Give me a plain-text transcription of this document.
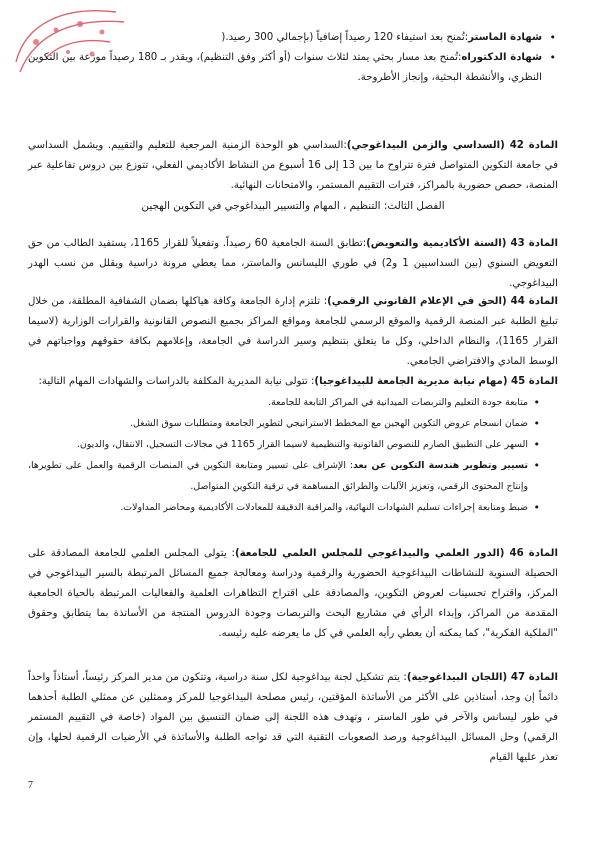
• شهادة الماستر:تُمنح بعد استيفاء 120 رصيداً إضافياً (بإجمالي 300 رصيد.(

• شهادة الدكتوراه:تُمنح بعد مسار بحثي يمتد لثلاث سنوات (أو أكثر وفق التنظيم)، ويقدر بـ 180 رصيداً موزعة بين التكوين النظري، والأنشطة البحثية، وإنجاز الأطروحة.

المادة 42 (السداسي والزمن البيداغوجي):السداسي هو الوحدة الزمنية المرجعية للتعليم والتقييم. ويشمل السداسي في جامعة التكوين المتواصل فترة تتراوح ما بين 13 إلى 16 أسبوع من النشاط الأكاديمي الفعلي، تتوزع بين دروس تفاعلية عبر المنصة، حصص حضورية بالمراكز، فترات التقييم المستمر، والامتحانات النهائية.

الفصل الثالث: التنظيم ، المهام والتسيير البيداغوجي في التكوين الهجين

المادة 43 (السنة الأكاديمية والتعويض):تطابق السنة الجامعية 60 رصيداً. وتفعيلاً للقرار 1165، يستفيد الطالب من حق التعويض السنوي (بين السداسيين 1 و2) في طوري الليسانس والماستر، مما يعطي مرونة دراسية ويقلل من نسب الهدر البيداغوجي.

المادة 44 (الحق في الإعلام القانوني الرقمي): تلتزم إدارة الجامعة وكافة هياكلها بضمان الشفافية المطلقة، من خلال تبليغ الطلبة عبر المنصة الرقمية والموقع الرسمي للجامعة ومواقع المراكز بجميع النصوص القانونية والقرارات الوزارية (لاسيما القرار 1165)، والنظام الداخلي، وكل ما يتعلق بتنظيم وسير الدراسة في الجامعة، وإعلامهم بكافة حقوقهم وواجباتهم في الوسط المادي والافتراضي الجامعي.

المادة 45 (مهام نيابة مديرية الجامعة للبيداغوجيا): تتولى نيابة المديرية المكلفة بالدراسات والشهادات المهام التالية:

• متابعة جودة التعليم والتربصات الميدانية في المراكز التابعة للجامعة.

• ضمان انسجام عروض التكوين الهجين مع المخطط الاستراتيجي لتطوير الجامعة ومتطلبات سوق الشغل.

• السهر على التطبيق الصارم للنصوص القانونية والتنظيمية لاسيما القرار 1165 في مجالات التسجيل، الانتقال، والديون.

• تسيير وتطوير هندسة التكوين عن بعد: الإشراف على تسيير ومتابعة التكوين في المنصات الرقمية والعمل على تطويرها، وإنتاج المحتوى الرقمي، وتعزيز الآليات والطرائق المساهمة في ترقية التكوين المتواصل.

• ضبط ومتابعة إجراءات تسليم الشهادات النهائية، والمراقبة الدقيقة للمعادلات الأكاديمية ومحاضر المداولات.

المادة 46 (الدور العلمي والبيداغوجي للمجلس العلمي للجامعة): يتولى المجلس العلمي للجامعة المصادقة على الحصيلة السنوية للنشاطات البيداغوجية الحضورية والرقمية ودراسة ومعالجة جميع المسائل المرتبطة بالسير البيداغوجي في المركز، واقتراح تحسينات لعروض التكوين، والمصادقة على اقتراح التظاهرات العلمية والفعاليات المرتبطة بالحياة الجامعية المقدمة من المراكز، وإبداء الرأي في مشاريع البحث والتربصات وجودة الدروس المنتجة من الأساتذة بما يتطابق وحقوق "الملكية الفكرية"، كما يمكنه أن يعطي رأيه العلمي في كل ما يعرضه عليه رئيسه.

المادة 47 (اللجان البيداغوجية): يتم تشكيل لجنة بيداغوجية لكل سنة دراسية، وتتكون من مدير المركز رئيساً، أستاذاً واحداً دائماً إن وجد، أستاذين على الأكثر من الأساتذة المؤقتين، رئيس مصلحة البيداغوجيا للمركز وممثلين عن ممثلي الطلبة أحدهما في طور ليسانس والآخر في طور الماستر ، وتهدف هذه اللجنة إلى ضمان التنسيق بين المواد (خاصة في التقييم المستمر الرقمي) وحل المسائل البيداغوجية ورصد الصعوبات التقنية التي قد تواجه الطلبة والأساتذة في الأرضيات الرقمية لحلها، وإن تعذر عليها القيام

7
